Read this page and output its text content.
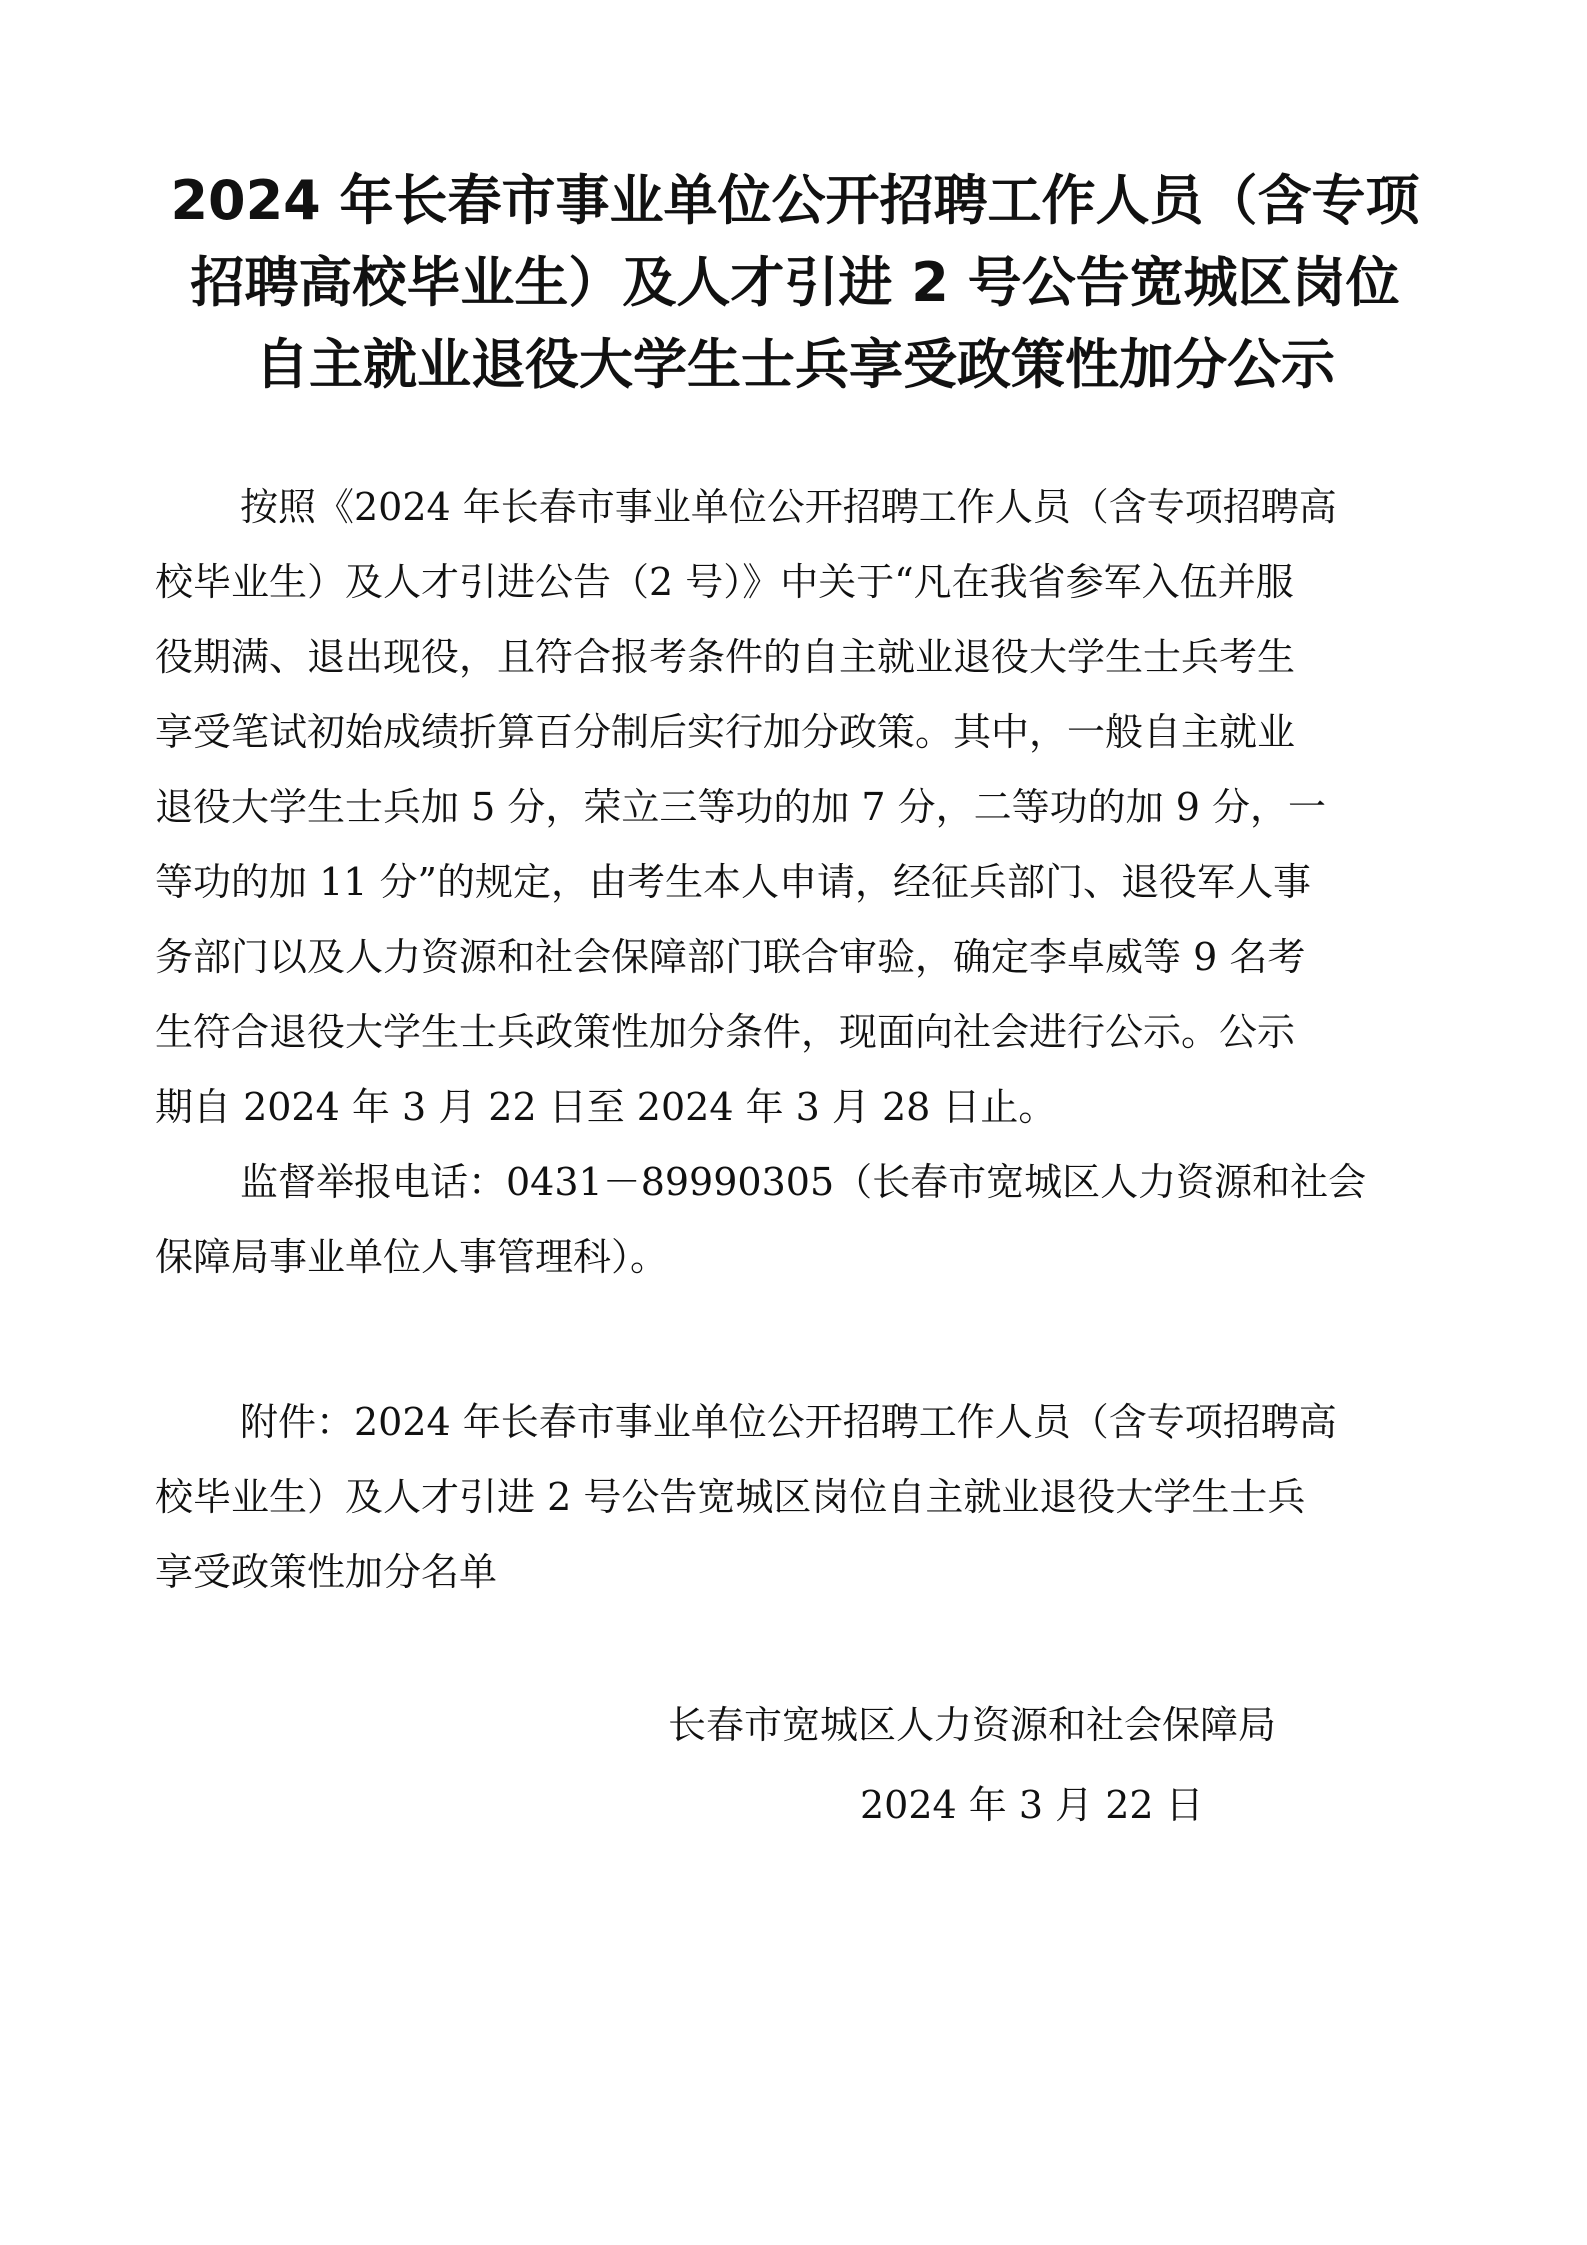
2024 年长春市事业单位公开招聘工作人员（含专项
招聘高校毕业生）及人才引进 2 号公告宽城区岗位
自主就业退役大学生士兵享受政策性加分公示
按照《2024 年长春市事业单位公开招聘工作人员（含专项招聘高
校毕业生）及人才引进公告（2 号）》中关于“凡在我省参军入伍并服
役期满、退出现役，且符合报考条件的自主就业退役大学生士兵考生
享受笔试初始成绩折算百分制后实行加分政策。其中，一般自主就业
退役大学生士兵加 5 分，荣立三等功的加 7 分，二等功的加 9 分，一
等功的加 11 分”的规定，由考生本人申请，经征兵部门、退役军人事
务部门以及人力资源和社会保障部门联合审验，确定李卓威等 9 名考
生符合退役大学生士兵政策性加分条件，现面向社会进行公示。公示
期自 2024 年 3 月 22 日至 2024 年 3 月 28 日止。
监督举报电话：0431－89990305（长春市宽城区人力资源和社会
保障局事业单位人事管理科）。
附件：2024 年长春市事业单位公开招聘工作人员（含专项招聘高
校毕业生）及人才引进 2 号公告宽城区岗位自主就业退役大学生士兵
享受政策性加分名单
长春市宽城区人力资源和社会保障局
2024 年 3 月 22 日
